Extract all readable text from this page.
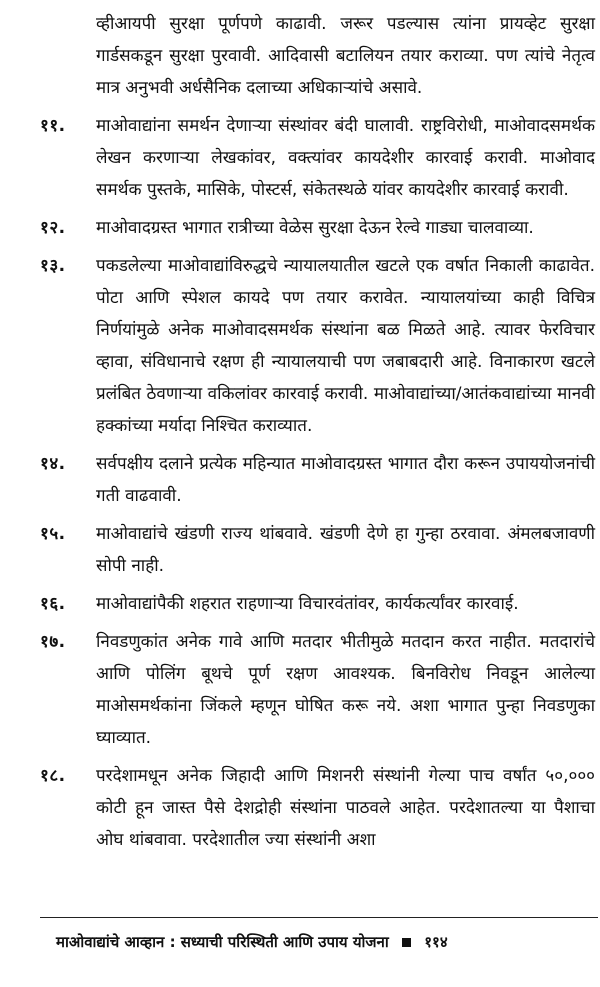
व्हीआयपी सुरक्षा पूर्णपणे काढावी. जरूर पडल्यास त्यांना प्रायव्हेट सुरक्षा गार्डसकडून सुरक्षा पुरवावी. आदिवासी बटालियन तयार कराव्या. पण त्यांचे नेतृत्व मात्र अनुभवी अर्धसैनिक दलाच्या अधिकाऱ्यांचे असावे.

११. माओवाद्यांना समर्थन देणाऱ्या संस्थांवर बंदी घालावी. राष्ट्रविरोधी, माओवादसमर्थक लेखन करणाऱ्या लेखकांवर, वक्त्यांवर कायदेशीर कारवाई करावी. माओवाद समर्थक पुस्तके, मासिके, पोस्टर्स, संकेतस्थळे यांवर कायदेशीर कारवाई करावी.

१२. माओवादग्रस्त भागात रात्रीच्या वेळेस सुरक्षा देऊन रेल्वे गाड्या चालवाव्या.

१३. पकडलेल्या माओवाद्यांविरुद्धचे न्यायालयातील खटले एक वर्षात निकाली काढावेत. पोटा आणि स्पेशल कायदे पण तयार करावेत. न्यायालयांच्या काही विचित्र निर्णयांमुळे अनेक माओवादसमर्थक संस्थांना बळ मिळते आहे. त्यावर फेरविचार व्हावा, संविधानाचे रक्षण ही न्यायालयाची पण जबाबदारी आहे. विनाकारण खटले प्रलंबित ठेवणाऱ्या वकिलांवर कारवाई करावी. माओवाद्यांच्या/आतंकवाद्यांच्या मानवी हक्कांच्या मर्यादा निश्चित कराव्यात.

१४. सर्वपक्षीय दलाने प्रत्येक महिन्यात माओवादग्रस्त भागात दौरा करून उपाययोजनांची गती वाढवावी.

१५. माओवाद्यांचे खंडणी राज्य थांबवावे. खंडणी देणे हा गुन्हा ठरवावा. अंमलबजावणी सोपी नाही.

१६. माओवाद्यांपैकी शहरात राहणाऱ्या विचारवंतांवर, कार्यकर्त्यांवर कारवाई.

१७. निवडणुकांत अनेक गावे आणि मतदार भीतीमुळे मतदान करत नाहीत. मतदारांचे आणि पोलिंग बूथचे पूर्ण रक्षण आवश्यक. बिनविरोध निवडून आलेल्या माओसमर्थकांना जिंकले म्हणून घोषित करू नये. अशा भागात पुन्हा निवडणुका घ्याव्यात.

१८. परदेशामधून अनेक जिहादी आणि मिशनरी संस्थांनी गेल्या पाच वर्षांत ५०,००० कोटी हून जास्त पैसे देशद्रोही संस्थांना पाठवले आहेत. परदेशातल्या या पैशाचा ओघ थांबवावा. परदेशातील ज्या संस्थांनी अशा

माओवाद्यांचे आव्हान : सध्याची परिस्थिती आणि उपाय योजना ११४
